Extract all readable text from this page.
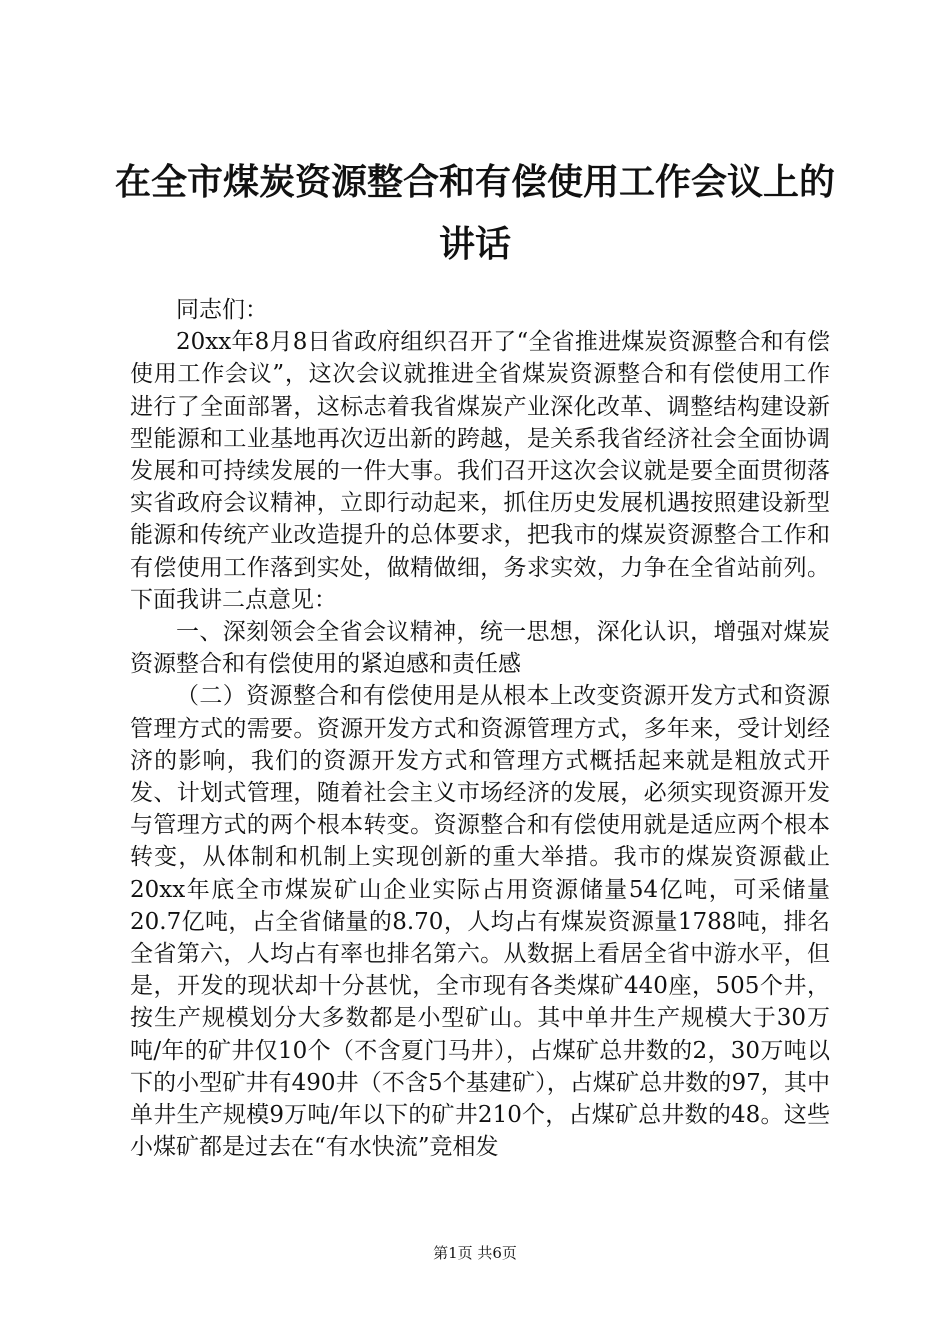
在全市煤炭资源整合和有偿使用工作会议上的讲话

同志们：

20xx年8月8日省政府组织召开了“全省推进煤炭资源整合和有偿使用工作会议”，这次会议就推进全省煤炭资源整合和有偿使用工作进行了全面部署，这标志着我省煤炭产业深化改革、调整结构建设新型能源和工业基地再次迈出新的跨越，是关系我省经济社会全面协调发展和可持续发展的一件大事。我们召开这次会议就是要全面贯彻落实省政府会议精神，立即行动起来，抓住历史发展机遇按照建设新型能源和传统产业改造提升的总体要求，把我市的煤炭资源整合工作和有偿使用工作落到实处，做精做细，务求实效，力争在全省站前列。下面我讲二点意见：

一、深刻领会全省会议精神，统一思想，深化认识，增强对煤炭资源整合和有偿使用的紧迫感和责任感

（二）资源整合和有偿使用是从根本上改变资源开发方式和资源管理方式的需要。资源开发方式和资源管理方式，多年来，受计划经济的影响，我们的资源开发方式和管理方式概括起来就是粗放式开发、计划式管理，随着社会主义市场经济的发展，必须实现资源开发与管理方式的两个根本转变。资源整合和有偿使用就是适应两个根本转变，从体制和机制上实现创新的重大举措。我市的煤炭资源截止20xx年底全市煤炭矿山企业实际占用资源储量54亿吨，可采储量20.7亿吨，占全省储量的8.70，人均占有煤炭资源量1788吨，排名全省第六，人均占有率也排名第六。从数据上看居全省中游水平，但是，开发的现状却十分甚忧，全市现有各类煤矿440座，505个井，按生产规模划分大多数都是小型矿山。其中单井生产规模大于30万吨/年的矿井仅10个（不含夏门马井），占煤矿总井数的2，30万吨以下的小型矿井有490井（不含5个基建矿），占煤矿总井数的97，其中单井生产规模9万吨/年以下的矿井210个，占煤矿总井数的48。这些小煤矿都是过去在“有水快流”竞相发

第1页 共6页
